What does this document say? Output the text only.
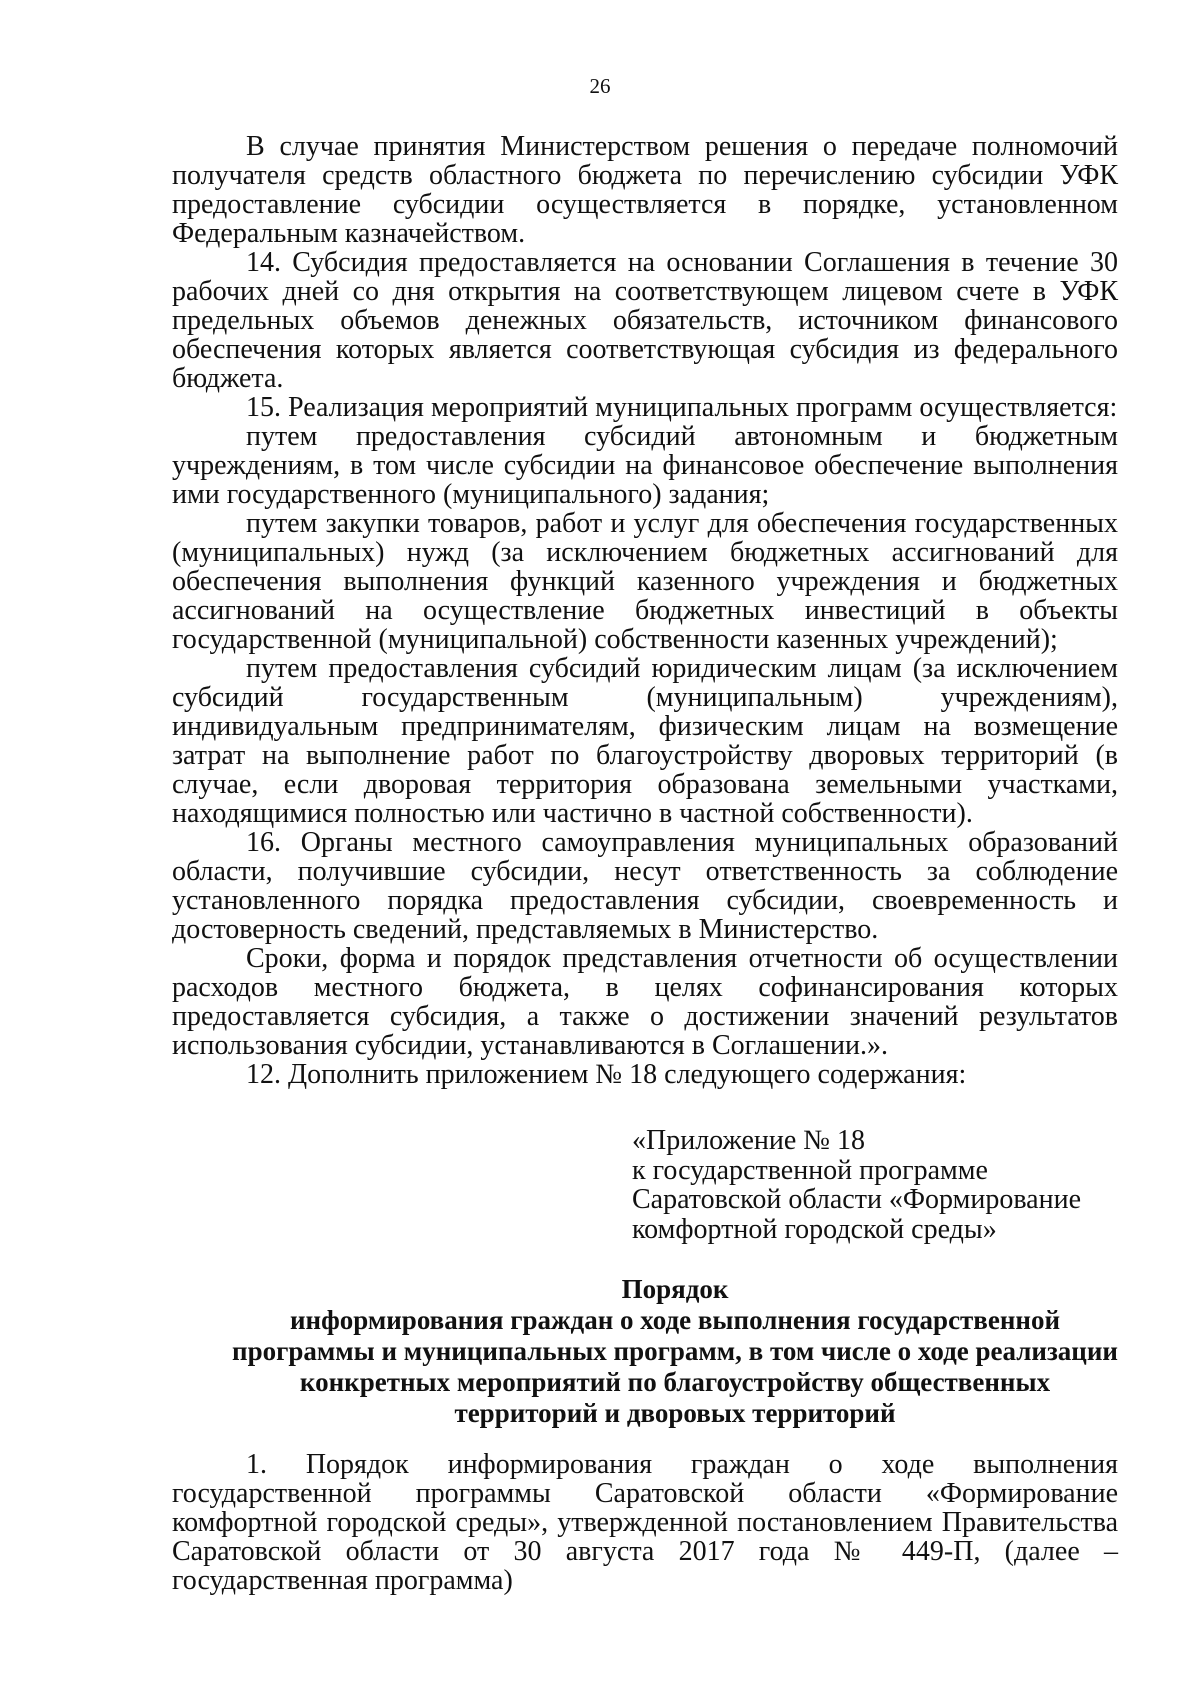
26

В случае принятия Министерством решения о передаче полномочий получателя средств областного бюджета по перечислению субсидии УФК предоставление субсидии осуществляется в порядке, установленном Федеральным казначейством.

14. Субсидия предоставляется на основании Соглашения в течение 30 рабочих дней со дня открытия на соответствующем лицевом счете в УФК предельных объемов денежных обязательств, источником финансового обеспечения которых является соответствующая субсидия из федерального бюджета.

15. Реализация мероприятий муниципальных программ осуществляется:

путем предоставления субсидий автономным и бюджетным учреждениям, в том числе субсидии на финансовое обеспечение выполнения ими государственного (муниципального) задания;

путем закупки товаров, работ и услуг для обеспечения государственных (муниципальных) нужд (за исключением бюджетных ассигнований для обеспечения выполнения функций казенного учреждения и бюджетных ассигнований на осуществление бюджетных инвестиций в объекты государственной (муниципальной) собственности казенных учреждений);

путем предоставления субсидий юридическим лицам (за исключением субсидий государственным (муниципальным) учреждениям), индивидуальным предпринимателям, физическим лицам на возмещение затрат на выполнение работ по благоустройству дворовых территорий (в случае, если дворовая территория образована земельными участками, находящимися полностью или частично в частной собственности).

16. Органы местного самоуправления муниципальных образований области, получившие субсидии, несут ответственность за соблюдение установленного порядка предоставления субсидии, своевременность и достоверность сведений, представляемых в Министерство.

Сроки, форма и порядок представления отчетности об осуществлении расходов местного бюджета, в целях софинансирования которых предоставляется субсидия, а также о достижении значений результатов использования субсидии, устанавливаются в Соглашении.».

12. Дополнить приложением № 18 следующего содержания:

«Приложение № 18
к государственной программе
Саратовской области «Формирование
комфортной городской среды»
Порядок
информирования граждан о ходе выполнения государственной
программы и муниципальных программ, в том числе о ходе реализации
конкретных мероприятий по благоустройству общественных
территорий и дворовых территорий

1. Порядок информирования граждан о ходе выполнения государственной программы Саратовской области «Формирование комфортной городской среды», утвержденной постановлением Правительства Саратовской области от 30 августа 2017 года № 449-П, (далее – государственная программа)
